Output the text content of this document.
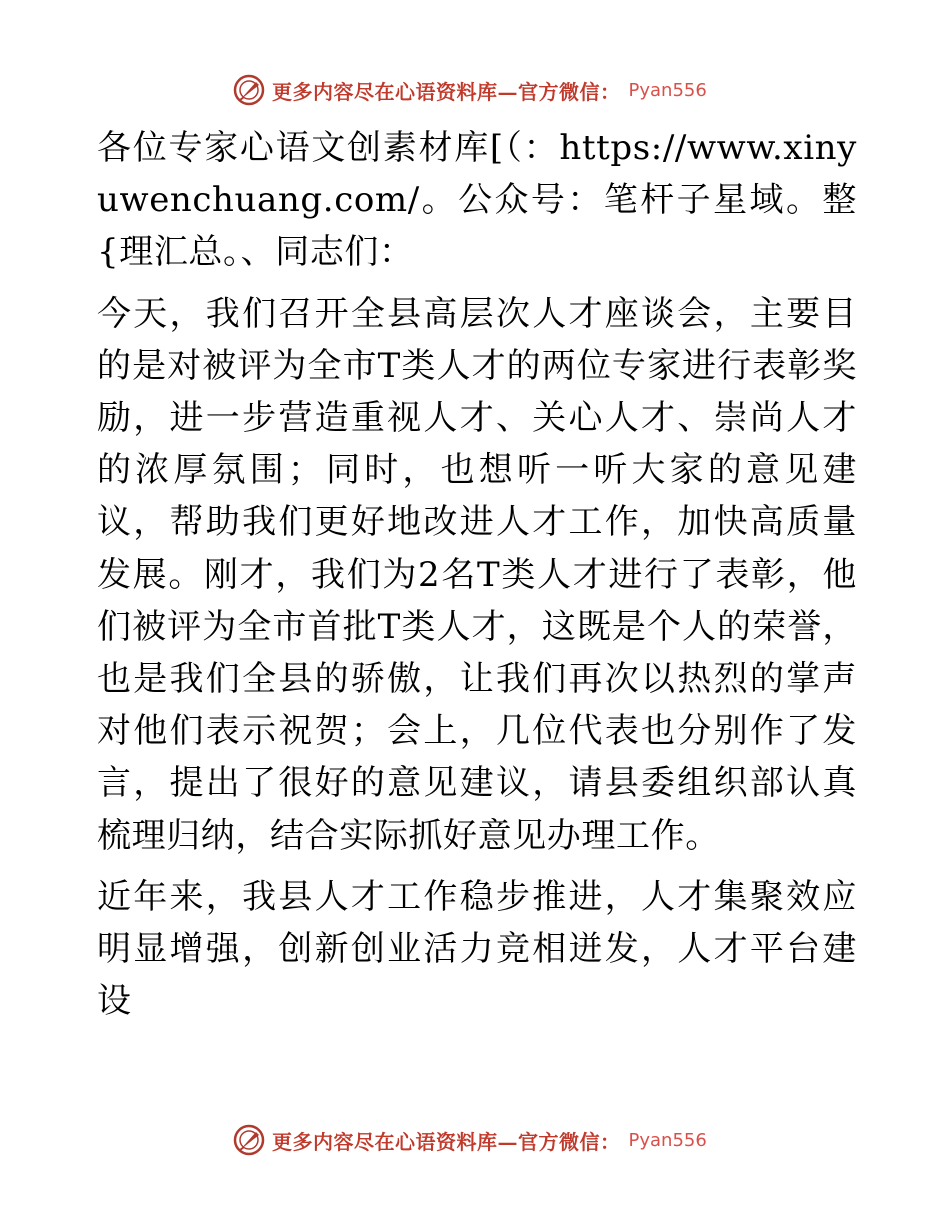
更多内容尽在心语资料库—官方微信： Pyan556

各位专家心语文创素材库[（：https://www.xinyuwenchuang.com/。公众号：笔杆子星域。整{理汇总。、同志们：

今天，我们召开全县高层次人才座谈会，主要目的是对被评为全市T类人才的两位专家进行表彰奖励，进一步营造重视人才、关心人才、崇尚人才的浓厚氛围；同时，也想听一听大家的意见建议，帮助我们更好地改进人才工作，加快高质量发展。刚才，我们为2名T类人才进行了表彰，他们被评为全市首批T类人才，这既是个人的荣誉，也是我们全县的骄傲，让我们再次以热烈的掌声对他们表示祝贺；会上，几位代表也分别作了发言，提出了很好的意见建议，请县委组织部认真梳理归纳，结合实际抓好意见办理工作。

近年来，我县人才工作稳步推进，人才集聚效应明显增强，创新创业活力竞相迸发，人才平台建设

更多内容尽在心语资料库—官方微信： Pyan556
